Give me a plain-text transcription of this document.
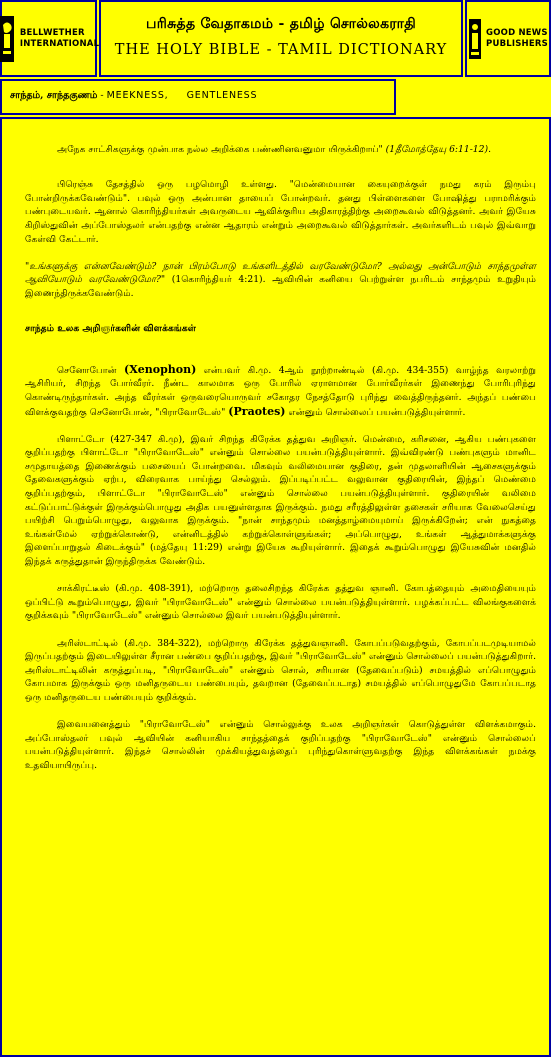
BELLWETHER
INTERNATIONAL
பரிசுத்த வேதாகமம் - தமிழ் சொல்லகராதி
THE HOLY BIBLE - TAMIL DICTIONARY
GOOD NEWS
PUBLISHERS
சாந்தம், சாந்தகுணம் - MEEKNESS, GENTLENESS

அநேக சாட்சிகளுக்கு முன்பாக நல்ல அறிக்கை பண்ணினவனுமா யிருக்கிறாய்" (1தீமோத்தேயு 6:11-12).

பிரெஞ்சு தேசத்தில் ஒரு பழமொழி உள்ளது. "மென்மையான கையுறைக்குள் நமது கரம் இரும்பு போன்றிருக்கவேண்டும்". பவுல் ஒரு அன்பான தாயைப் போன்றவர். தனது பிள்ளைகளை போஷித்து பராமரிக்கும் பண்புடையவர். ஆனால் கொரிந்தியர்கள் அவருடைய ஆவிக்குரிய அதிகாரத்திற்கு அறைகூவல் விடுத்தனர். அவர் இயேசு கிறிஸ்துவின் அப்போஸ்தலர் என்பதற்கு என்ன ஆதாரம் என்றும் அறைகூவல் விடுத்தார்கள். அவர்களிடம் பவுல் இவ்வாறு கேள்வி கேட்டார்.

"உங்களுக்கு என்னவேண்டும்? நான் பிரம்போடு உங்களிடத்தில் வரவேண்டுமோ? அல்லது அன்போடும் சாந்தமுள்ள ஆவியோடும் வரவேண்டுமோ?" (1கொரிந்தியர் 4:21). ஆவியின் கனியை பெற்றுள்ள நபரிடம் சாந்தமும் உறுதியும் இணைந்திருக்கவேண்டும்.

சாந்தம் உலக அறிஞர்களின் விளக்கங்கள்

செனோபோன் (Xenophon) என்பவர் கி.மு. 4ஆம் நூற்றாண்டில் (கி.மு. 434-355) வாழ்ந்த வரலாற்று ஆசிரியர், சிறந்த போர்வீரர். நீண்ட காலமாக ஒரு போரில் ஏராளமான போர்வீரர்கள் இணைந்து போரிபுரிந்து கொண்டிருந்தார்கள். அந்த வீரர்கள் ஒருவரையொருவர் சகோதர நேசத்தோடு புரிந்து வைத்திருந்தனர். அந்தப் பண்பை விளக்குவதற்கு செனோபோன், "பிராவோடேஸ்" (Praotes) என்னும் சொல்லைப் பயன்படுத்தியுள்ளார்.

பிளாட்டோ (427-347 கி.மு), இவர் சிறந்த கிரேக்க தத்துவ அறிஞர். மென்மை, கரிசனை, ஆகிய பண்புகளை குறிப்பதற்கு பிளாட்டோ "பிராவோடேஸ்" என்னும் சொல்லை பயன்படுத்தியுள்ளார். இவ்விரண்டு பண்புகளும் மானிட சமுதாயத்தை இணைக்கும் பசையைப் போன்றவை. மிகவும் வலிமையான குதிரை, தன் முதலாளியின் ஆசைகளுக்கும் தேவைகளுக்கும் ஏற்ப, விரைவாக பாய்ந்து செல்லும். இப்படிப்பட்ட வலுவான குதிரையின், இந்தப் மெண்மை குறிப்பதற்கும், பிளாட்டோ "பிராவோடேஸ்" என்னும் சொல்லை பயன்படுத்தியுள்ளார். குதிரையின் வலிமை கட்டுப்பாட்டுக்குள் இருக்கும்பொழுது அதிக பயனுள்ளதாக இருக்கும். நமது சரீரத்திலுள்ள தசைகள் சரியாக வேலைசெய்து பயிற்சி பெறும்பொழுது, வலுவாக இருக்கும். "நான் சாந்தமும் மனத்தாழ்மையுமாய் இருக்கிறேன்; என் நுகத்தை உங்கள்மேல் ஏற்றுக்கொண்டு, என்னிடத்தில் கற்றுக்கொள்ளுங்கள்; அப்பொழுது, உங்கள் ஆத்துமாக்களுக்கு இளைப்பாறுதல் கிடைக்கும்" (மத்தேயு 11:29) என்று இயேசு கூறியுள்ளார். இதைக் கூறும்பொழுது இயேசுவின் மனதில் இந்தக் கருத்துதான் இருந்திருக்க வேண்டும்.

சாக்கிரட்டீஸ் (கி.மு. 408-391), மற்றொரு தலைசிறந்த கிரேக்க தத்துவ ஞானி. கோபத்தையும் அமைதியையும் ஒப்பிட்டு கூறும்பொழுது, இவர் "பிராவோடேஸ்" என்னும் சொல்லை பயன்படுத்தியுள்ளார். பழக்கப்பட்ட விலங்குகளைக் குறிக்கவும் "பிராவோடேஸ்" என்னும் சொல்லை இவர் பயன்படுத்தியுள்ளார்.

அரிஸ்டாட்டில் (கி.மு. 384-322), மற்றொரு கிரேக்க தத்துவஞானி. கோபப்படுவதற்கும், கோபப்படமுடியாமல் இருப்பதற்கும் இடையிலுள்ள சீரான பண்பை குறிப்பதற்கு, இவர் "பிராவோடேஸ்" என்னும் சொல்லைப் பயன்படுத்துகிறார். அரிஸ்டாட்டிலின் கருத்துப்படி, "பிராவோடேஸ்" என்னும் சொல், சரியான (தேவைப்படும்) சமயத்தில் எப்பொழுதும் கோபமாக இருக்கும் ஒரு மனிதருடைய பண்பையும், தவறான (தேவைப்படாத) சமயத்தில் எப்பொழுதுமே கோபப்படாத ஒரு மனிதருடைய பண்பையும் குறிக்கும்.

இவையனைத்தும் "பிராவோடேஸ்" என்னும் சொல்லுக்கு உலக அறிஞர்கள் கொடுத்துள்ள விளக்கமாகும். அப்போஸ்தலர் பவுல் ஆவியின் கனியாகிய சாந்தத்தைக் குறிப்பதற்கு "பிராவோடேஸ்" என்னும் சொல்லைப் பயன்படுத்தியுள்ளார். இந்தச் சொல்லின் முக்கியத்துவத்தைப் புரிந்துகொள்ளுவதற்கு இந்த விளக்கங்கள் நமக்கு உதவியாயிருப்பு.
